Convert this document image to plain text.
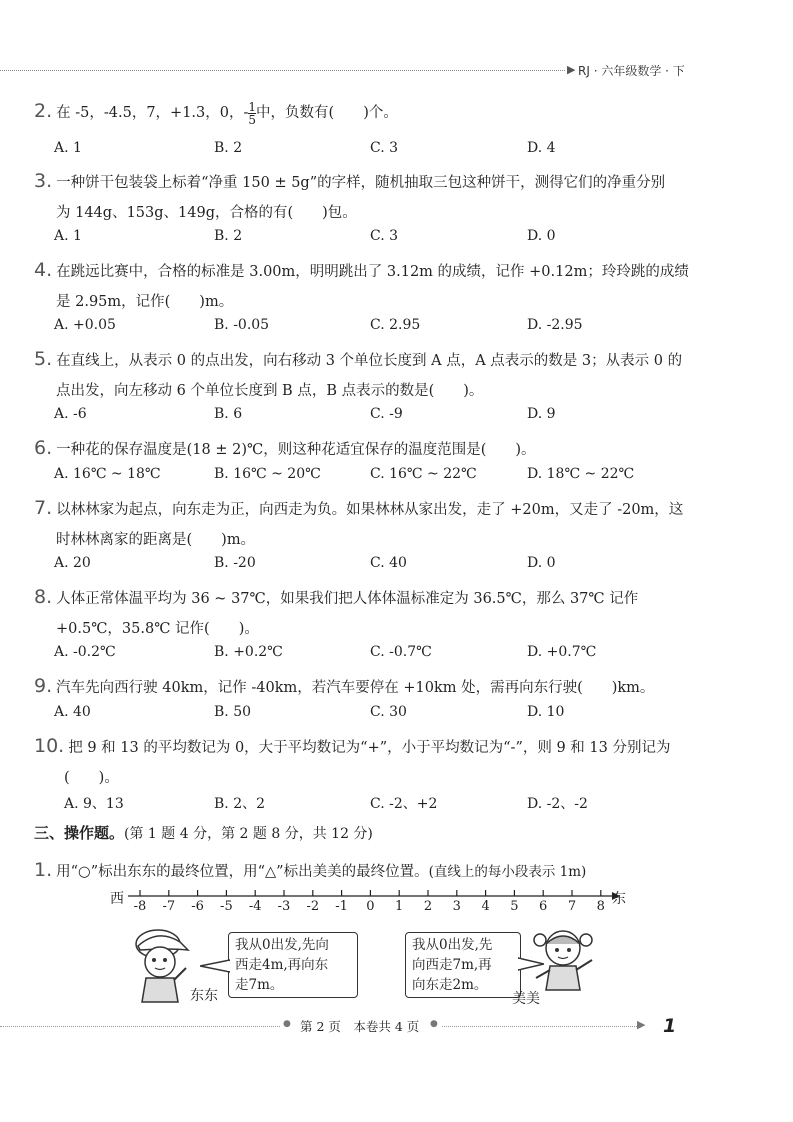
▶ RJ · 六年级数学 · 下
2. 在 -5，-4.5，7，+1.3，0，- $\frac{1}{5}$ 中，负数有(　　)个。
A. 1	B. 2	C. 3	D. 4
3. 一种饼干包装袋上标着“净重 150 ± 5g”的字样，随机抽取三包这种饼干，测得它们的净重分别
为 144g、153g、149g，合格的有(　　)包。
A. 1	B. 2	C. 3	D. 0
4. 在跳远比赛中，合格的标准是 3.00m，明明跳出了 3.12m 的成绩，记作 +0.12m；玲玲跳的成绩
是 2.95m，记作(　　)m。
A. +0.05	B. -0.05	C. 2.95	D. -2.95
5. 在直线上，从表示 0 的点出发，向右移动 3 个单位长度到 A 点，A 点表示的数是 3；从表示 0 的
点出发，向左移动 6 个单位长度到 B 点，B 点表示的数是(　　)。
A. -6	B. 6	C. -9	D. 9
6. 一种花的保存温度是(18 ± 2)℃，则这种花适宜保存的温度范围是(　　)。
A. 16℃ ~ 18℃	B. 16℃ ~ 20℃	C. 16℃ ~ 22℃	D. 18℃ ~ 22℃
7. 以林林家为起点，向东走为正，向西走为负。如果林林从家出发，走了 +20m，又走了 -20m，这
时林林离家的距离是(　　)m。
A. 20	B. -20	C. 40	D. 0
8. 人体正常体温平均为 36 ~ 37℃，如果我们把人体体温标准定为 36.5℃，那么 37℃ 记作
+0.5℃，35.8℃ 记作(　　)。
A. -0.2℃	B. +0.2℃	C. -0.7℃	D. +0.7℃
9. 汽车先向西行驶 40km，记作 -40km，若汽车要停在 +10km 处，需再向东行驶(　　)km。
A. 40	B. 50	C. 30	D. 10
10. 把 9 和 13 的平均数记为 0，大于平均数记为“+”，小于平均数记为“-”，则 9 和 13 分别记为
(　　)。
A. 9、13	B. 2、2	C. -2、+2	D. -2、-2
三、操作题。(第 1 题 4 分，第 2 题 8 分，共 12 分)
1. 用“○”标出东东的最终位置，用“△”标出美美的最终位置。(直线上的每小段表示 1m)
西 -8 -7 -6 -5 -4 -3 -2 -1	0	1	2	3	4	5	6	7	8 东
我从0出发,先向
西走4m,再向东
走7m。
东东
我从0出发,先
向西走7m,再
向东走2m。
美美
● 第 2 页　本卷共 4 页 ●	▶ 1
